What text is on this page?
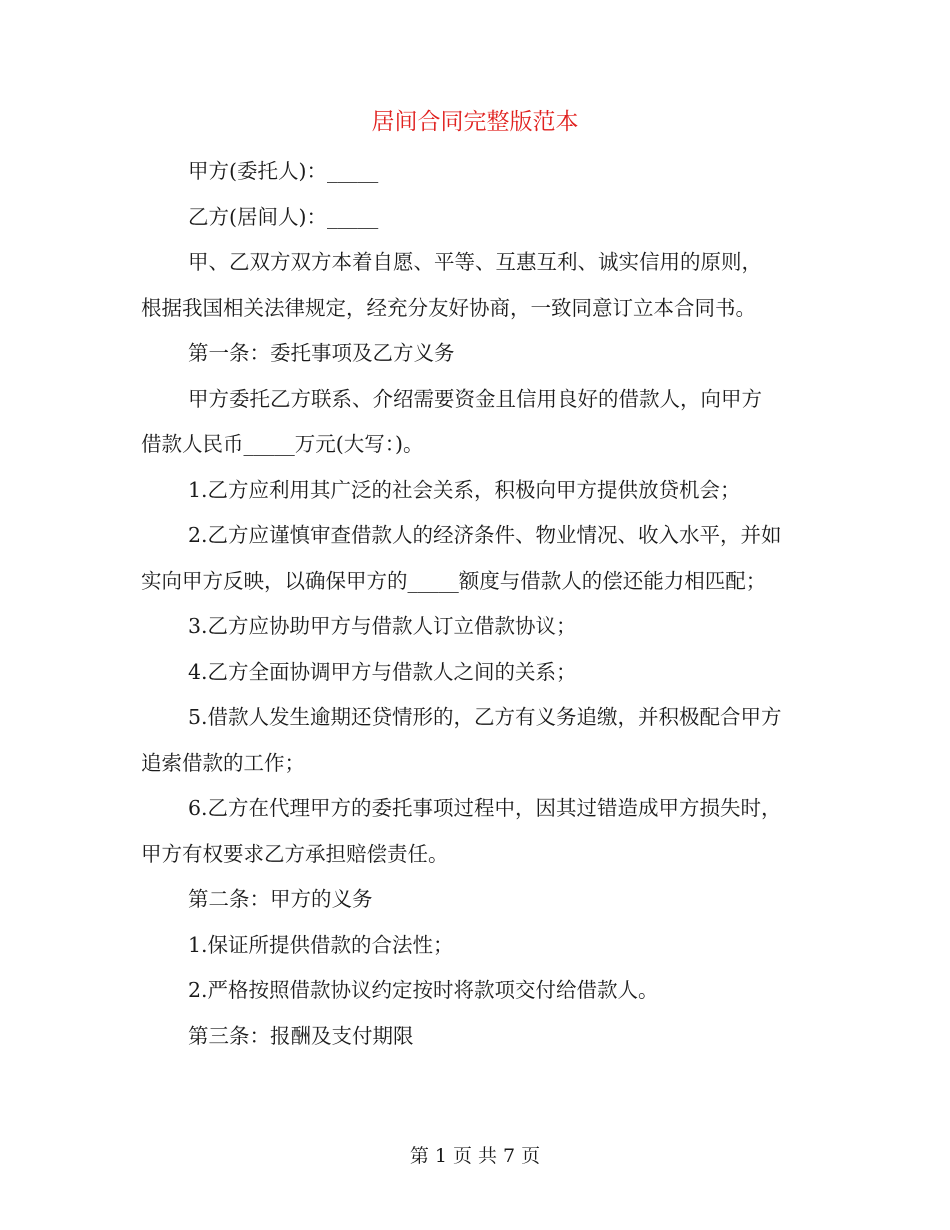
居间合同完整版范本

甲方(委托人)：_____

乙方(居间人)：_____

甲、乙双方双方本着自愿、平等、互惠互利、诚实信用的原则，

根据我国相关法律规定，经充分友好协商，一致同意订立本合同书。

第一条：委托事项及乙方义务

甲方委托乙方联系、介绍需要资金且信用良好的借款人，向甲方

借款人民币_____万元(大写：)。

1.乙方应利用其广泛的社会关系，积极向甲方提供放贷机会；

2.乙方应谨慎审查借款人的经济条件、物业情况、收入水平，并如

实向甲方反映，以确保甲方的_____额度与借款人的偿还能力相匹配；

3.乙方应协助甲方与借款人订立借款协议；

4.乙方全面协调甲方与借款人之间的关系；

5.借款人发生逾期还贷情形的，乙方有义务追缴，并积极配合甲方

追索借款的工作；

6.乙方在代理甲方的委托事项过程中，因其过错造成甲方损失时，

甲方有权要求乙方承担赔偿责任。

第二条：甲方的义务

1.保证所提供借款的合法性；

2.严格按照借款协议约定按时将款项交付给借款人。

第三条：报酬及支付期限

第 1 页 共 7 页
